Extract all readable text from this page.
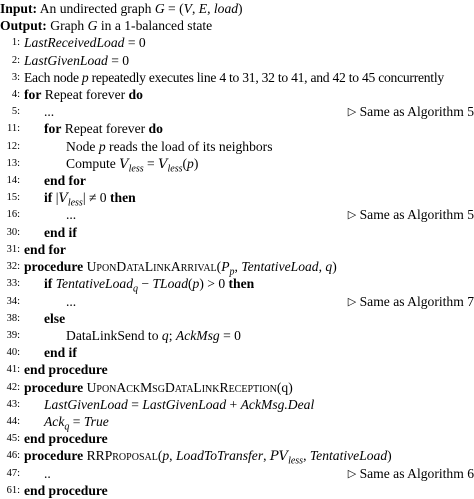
Input: An undirected graph G = (V, E, load)
Output: Graph G in a 1-balanced state
1: LastReceivedLoad = 0
2: LastGivenLoad = 0
3: Each node p repeatedly executes line 4 to 31, 32 to 41, and 42 to 45 concurrently
4: for Repeat forever do
5: ...	▷ Same as Algorithm 5
11: for Repeat forever do
12:	Node p reads the load of its neighbors
13:	Compute $V_{less} = V_{less}(p)$
14: end for
15: if $|V_{less}| \ne 0$ then
16:	...	▷ Same as Algorithm 5
30: end if
31: end for
32: procedure $UponDataLinkArrival(P_p$, TentativeLoad, q)
33: if TentativeLoad$_q$ − TLoad(p) > 0 then
34:	...	▷ Same as Algorithm 7
38: else
39:	DataLinkSend to q; AckMsg = 0
40: end if
41: end procedure
42: procedure UponAckMsgDataLinkReception(q)
43: LastGivenLoad = LastGivenLoad + AckMsg.Deal
44: Ack$_q$ = True
45: end procedure
46: procedure RRProposal(p, LoadToTransfer, $PV_{less}$, TentativeLoad)
47: ..	▷ Same as Algorithm 6
61: end procedure
